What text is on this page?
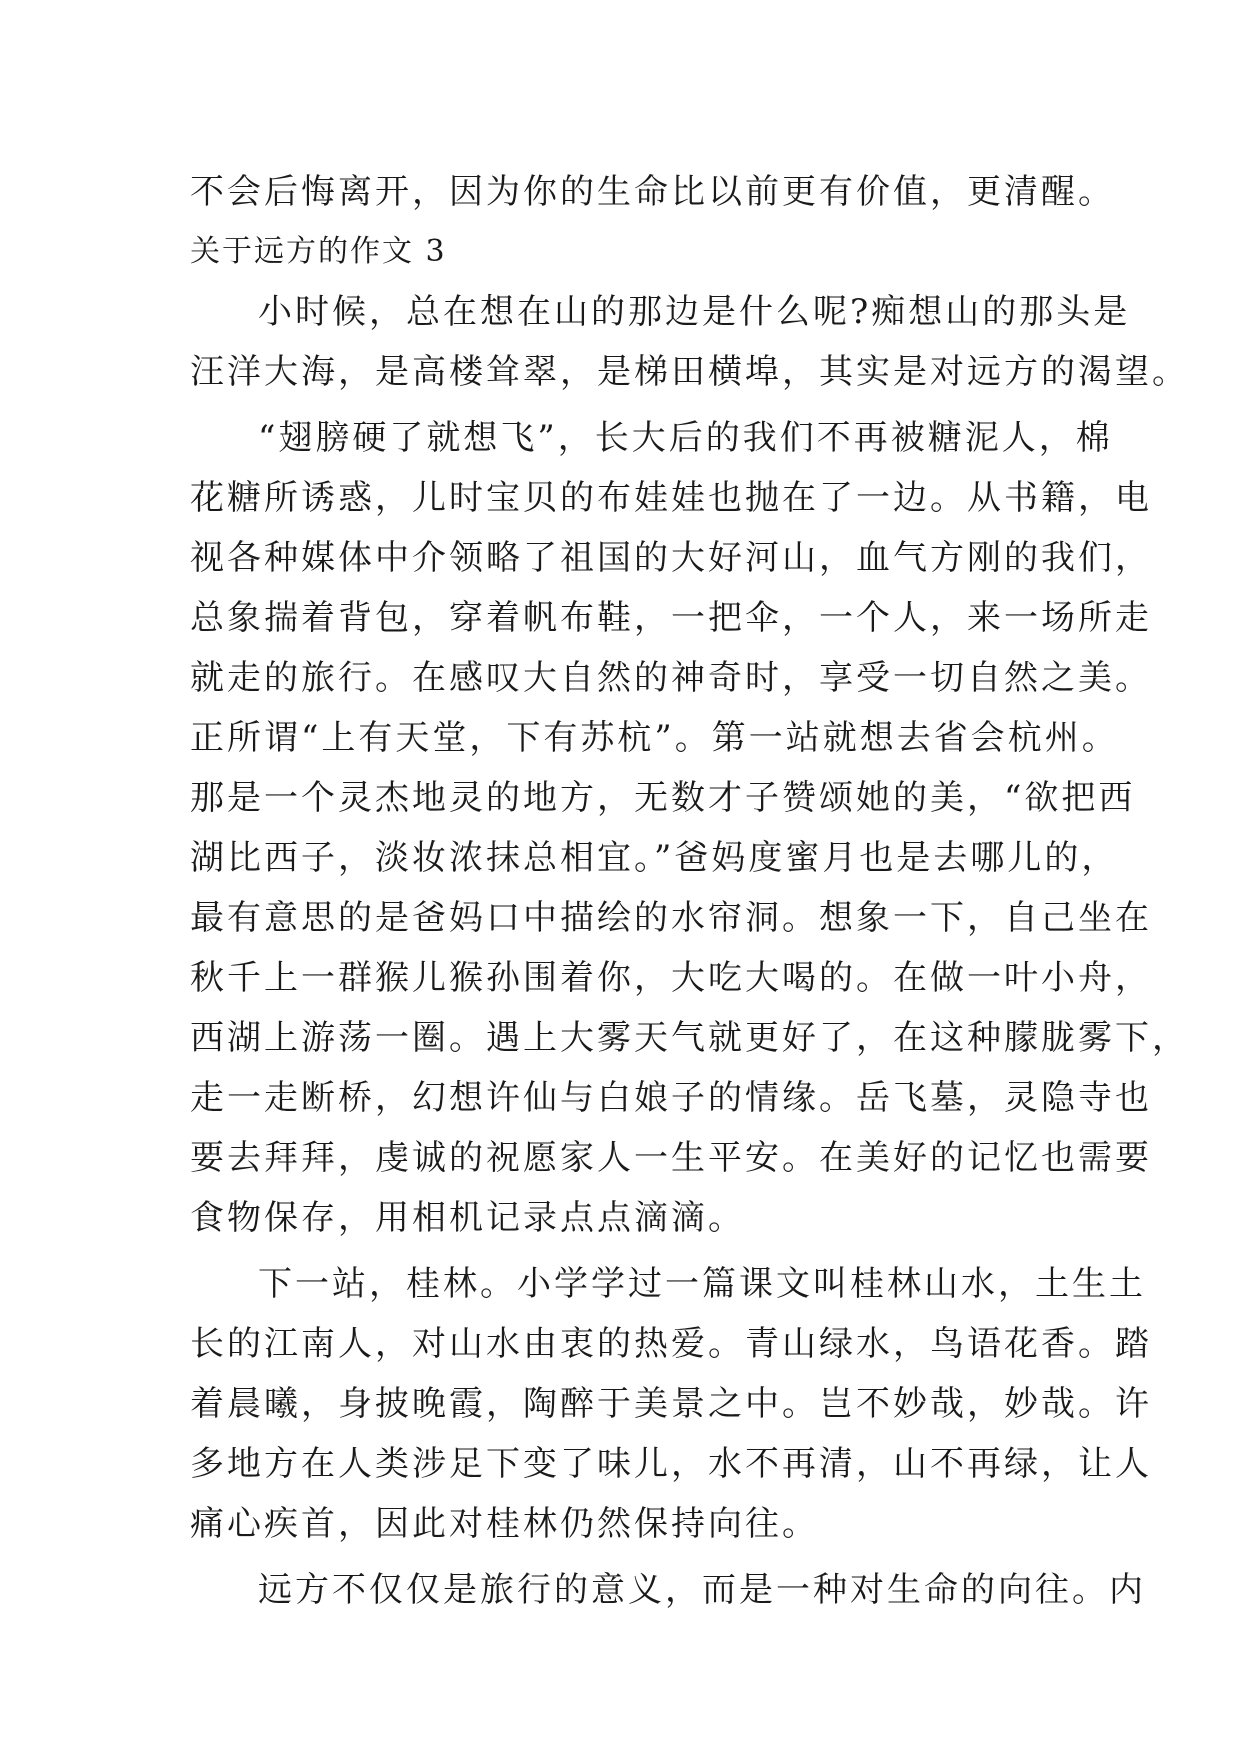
不会后悔离开，因为你的生命比以前更有价值，更清醒。
关于远方的作文 3
小时候，总在想在山的那边是什么呢?痴想山的那头是
汪洋大海，是高楼耸翠，是梯田横埠，其实是对远方的渴望。
“翅膀硬了就想飞”，长大后的我们不再被糖泥人，棉
花糖所诱惑，儿时宝贝的布娃娃也抛在了一边。从书籍，电
视各种媒体中介领略了祖国的大好河山，血气方刚的我们，
总象揣着背包，穿着帆布鞋，一把伞，一个人，来一场所走
就走的旅行。在感叹大自然的神奇时，享受一切自然之美。
正所谓“上有天堂，下有苏杭”。第一站就想去省会杭州。
那是一个灵杰地灵的地方，无数才子赞颂她的美，“欲把西
湖比西子，淡妆浓抹总相宜。”爸妈度蜜月也是去哪儿的，
最有意思的是爸妈口中描绘的水帘洞。想象一下，自己坐在
秋千上一群猴儿猴孙围着你，大吃大喝的。在做一叶小舟，
西湖上游荡一圈。遇上大雾天气就更好了，在这种朦胧雾下，
走一走断桥，幻想许仙与白娘子的情缘。岳飞墓，灵隐寺也
要去拜拜，虔诚的祝愿家人一生平安。在美好的记忆也需要
食物保存，用相机记录点点滴滴。
下一站，桂林。小学学过一篇课文叫桂林山水，土生土
长的江南人，对山水由衷的热爱。青山绿水，鸟语花香。踏
着晨曦，身披晚霞，陶醉于美景之中。岂不妙哉，妙哉。许
多地方在人类涉足下变了味儿，水不再清，山不再绿，让人
痛心疾首，因此对桂林仍然保持向往。
远方不仅仅是旅行的意义，而是一种对生命的向往。内
